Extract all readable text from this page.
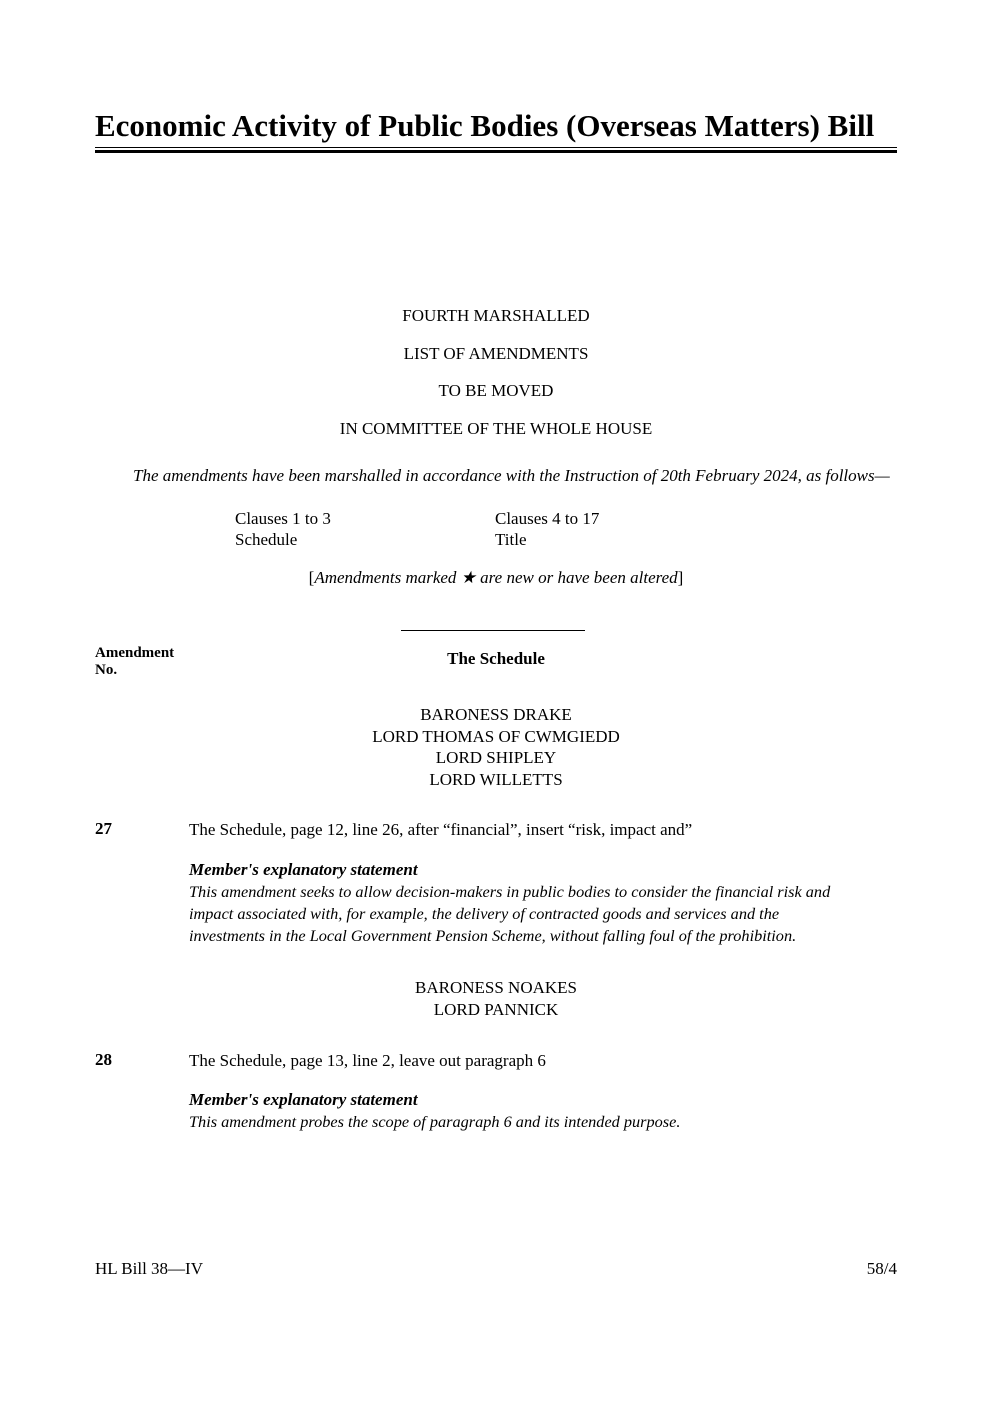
Economic Activity of Public Bodies (Overseas Matters) Bill
FOURTH MARSHALLED
LIST OF AMENDMENTS
TO BE MOVED
IN COMMITTEE OF THE WHOLE HOUSE
The amendments have been marshalled in accordance with the Instruction of 20th February 2024, as follows—
Clauses 1 to 3
Schedule
Clauses 4 to 17
Title
[Amendments marked ★ are new or have been altered]
Amendment
No.
The Schedule
BARONESS DRAKE
LORD THOMAS OF CWMGIEDD
LORD SHIPLEY
LORD WILLETTS
27	The Schedule, page 12, line 26, after “financial”, insert “risk, impact and”
Member's explanatory statement
This amendment seeks to allow decision-makers in public bodies to consider the financial risk and
impact associated with, for example, the delivery of contracted goods and services and the
investments in the Local Government Pension Scheme, without falling foul of the prohibition.
BARONESS NOAKES
LORD PANNICK
28	The Schedule, page 13, line 2, leave out paragraph 6
Member's explanatory statement
This amendment probes the scope of paragraph 6 and its intended purpose.
HL Bill 38—IV	58/4
